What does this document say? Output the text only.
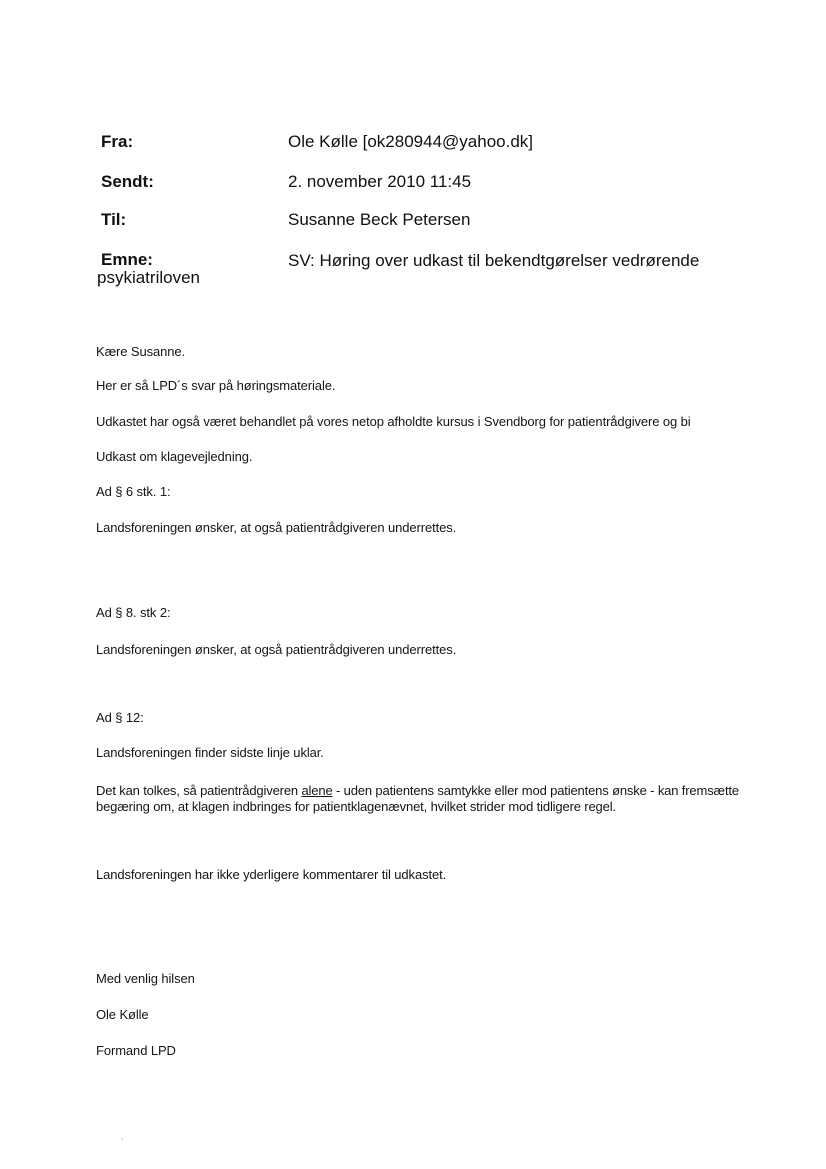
Fra:	Ole Kølle [ok280944@yahoo.dk]
Sendt:	2. november 2010 11:45
Til:	Susanne Beck Petersen
Emne:	SV: Høring over udkast til bekendtgørelser vedrørende
psykiatriloven
Kære Susanne.
Her er så LPD´s svar på høringsmateriale.
Udkastet har også været behandlet på vores netop afholdte kursus i Svendborg for patientrådgivere og bi
Udkast om klagevejledning.
Ad § 6 stk. 1:
Landsforeningen ønsker, at også patientrådgiveren underrettes.
Ad § 8. stk 2:
Landsforeningen ønsker, at også patientrådgiveren underrettes.
Ad § 12:
Landsforeningen finder sidste linje uklar.
Det kan tolkes, så patientrådgiveren alene - uden patientens samtykke eller mod patientens ønske - kan fremsætte begæring om, at klagen indbringes for patientklagenævnet, hvilket strider mod tidligere regel.
Landsforeningen har ikke yderligere kommentarer til udkastet.
Med venlig hilsen
Ole Kølle
Formand LPD
